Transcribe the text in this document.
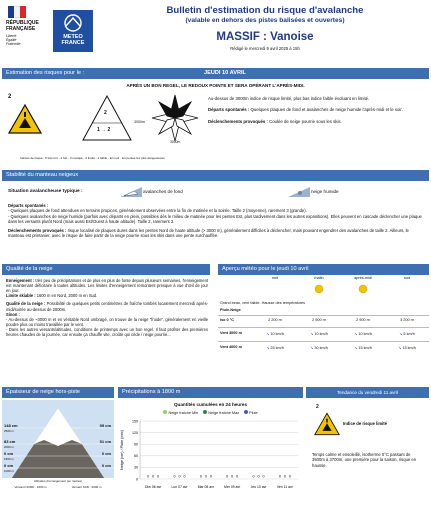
RÉPUBLIQUE
FRANÇAISE
Liberté
Égalité
Fraternité
METEO
FRANCE
Bulletin d'estimation du risque d'avalanche
(valable en dehors des pistes balisées et ouvertes)
MASSIF : Vanoise
Rédigé le mercredi 9 avril 2025 à 15h
Estimation des risques pour le :	JEUDI 10 AVRIL
APRÈS UN BON REGEL, LE REDOUX POINTE ET SERA OPÉRANT L'APRÈS-MIDI.
2
2
1 → 2
3000m
3000m
Au-dessus de 3000m indice de risque limité, plus bas indice faible évoluant en limité.
Départs spontanés : Quelques plaques de fond et avalanches de neige humide l'après-midi et le soir.
Déclenchements provoqués : Coulée de neige pourrie sous les skis.
Indices de risque : 5 très fort - 4 fort - 3 marqué - 2 limité - 1 faible - En noir : les pentes les plus dangereuses
Stabilité du manteau neigeux
Situation avalancheuse typique :	avalanches de fond	neige humide
Départs spontanés :
- Quelques plaques de fond attendues en terrains propices, généralement observées entre la fin de matinée et la soirée. Taille 2 (moyenne), rarement 3 (grande).
- Quelques avalanches de neige humide (parfois avec départs en plein, possibles dès le milieu de matinée pour les pentes Est, plus tardivement dans les autres expositions). Elles peuvent en cascade déclencher une plaque dans les versants plutôt Nord (mais aussi Est/Ouest à haute altitude). Taille 2, rarement 3.
Déclenchements provoqués : risque localisé de plaques dures dans les pentes Nord de haute altitude (> 3000 m), généralement difficiles à déclencher, mais pouvant engendrer des avalanches de taille 2. Ailleurs, le manteau est printanier, avec le risque de faire partir de la neige pourrie sous les skis dans une pente surchauffée.
Qualité de la neige
Enneigement : très peu de précipitations et de plus en plus de fonte depuis plusieurs semaines, l'enneigement est maintenant déficitaire à toutes altitudes. Les limites d'enneigement remontent presque à vue d'œil de jour en jour.
Limite skiable : 1600 m en Nord, 2000 m en Sud.
Qualité de la neige : Possibilité de quelques petits centimètres de fraîche tombés localement mercredi après-midi/soirée au-dessus de 2000m.
Sinon :
- Au-dessus de ~3000 m et en véritable Nord ombragé, on trouve de la neige "froide", généralement en vieille poudre plus ou moins travaillée par le vent.
- Dans les autres versants/altitudes, conditions de printemps avec un bon regel. Il faut profiter des premières heures chaudes de la journée, car ensuite ça chauffe vite, croûte qui cède / neige pourrie...
Aperçu météo pour le jeudi 10 avril
nuit	matin	après-midi	soir
Grand beau, vent faible. Hausse des températures
Pluie-Neige
Iso 0 °C	2 200 m	2 900 m	2 900 m	3 200 m
Vent 3000 m	↘ 10 km/h	↘ 10 km/h	↘ 10 km/h	↘ 5 km/h
Vent 4000 m	↘ 25 km/h	↘ 30 km/h	↘ 15 km/h	↘ 15 km/h
Épaisseur de neige hors-piste
148 cm
2500 m
83 cm
2000 m
0 cm
1500 m
0 cm
1000 m
95 cm
51 cm
0 cm
0 cm
Altitudes d'enneigement (en mètres)
Versant NORD : 1600 m	Versant SUD : 2000 m
Précipitations à 1800 m
Quantités cumulées en 24 heures
Neige fraîche Min	Neige fraîche Max	Pluie
Neige (cm) / Pluie (mm)
0
30
60
90
120
150
Dim 06 avr
0 0 0
Lun 07 avr
0 0 0
Mar 08 avr
0 0 0
Mer 09 avr
0 0 0
Jeu 10 avr
0 0 0
Ven 11 avr
0 0 0
Tendance du vendredi 11 avril
2
Indice de risque limité
Temps calme et ensoleillé, isotherme 0°C passant de 3500m à 3700m, une première pour la saison, risque en hausse.
